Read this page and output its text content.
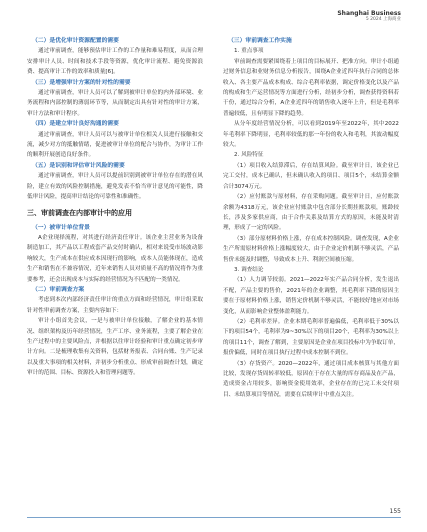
Shanghai Business
5 2024 上海商业
（二）是优化审计资源配置的需要

通过审前调查，能够预估审计工作的工作量和难易程度，从而合理安排审计人员、时间和技术手段等资源，优化审计流程、避免资源浪费、提高审计工作的效率和质量[6]。

（三）是增强审计方案的针对性的需要

通过审前调查，审计人员可以了解到被审计单位的内外部环境、业务流程和内部控制的薄弱环节等，从而制定出具有针对性的审计方案，审计方法和审计程序。

（四）是建立审计良好沟通的需要

通过审前调查，审计人员可以与被审计单位相关人员进行接触和交流，减少对方的抵触情绪，促进被审计单位的配合与协作，为审计工作的顺利开展创造良好条件。

（五）是识别和评估审计风险的需要

通过审前调查，审计人员可以提前识别到被审计单位存在的潜在风险，建立有效的风险控制措施，避免发表不恰当审计意见的可能性，降低审计风险，提高审计结论的可靠性和准确性。

三、审前调查在内部审计中的应用
（一）被审计单位背景

A企业现择流程，对其进行经济责任审计。该企业主营业务为设备制造加工，其产品以工程成套产品交付时确认，相对来说受市场波动影响较大，生产成本在供应成本因现行的影响，成本人员能体现在，造成生产和销售在不兼容情况，近年来销售人员对质量不高的情况将作为重要参考，还会出现成本与实际的经营情况为不匹配的一类情况。

（二）审前调查方案

考虑到本次内部经济责任审计的重点方面和经营情况，审计组采取针对性审前调查方案，主要内容如下：

审计小组首先会议，一是与被审计单位接触，了解企业的基本情况、组织架构及历年经营情况，生产工序、业务流程，主要了解企业在生产过程中的主要风险点，并根据以往审计经验和审计重点确定初步审计方向。二是梳理收集有关资料，包括财务报表、合同台账、生产记录以及重大事项的相关材料，并初步分析重点、形成审前调查计划，确定审计的范围、目标、资源投入和管理问题等。

（三）审前调查工作实施
1. 重点事项

审前调查需要紧围绕着上项目的目标展开、把准方向。审计小组通过财务信息和业财务信息分析报告，围绕A企业近四年执行合同的总体收入、各主要产品成本构成、综合毛利率依据，调定价格变化以及产品的构成和生产运营情况等方面进行分析，经初步分析，调查获得资料若干份，通过综合分析，A企业近四年的销售收入逐年上升，但是毛利率普遍较低，且有明显下降的趋势。

从分年度经营情况分析，可以看到2019年至2022年，其中2022年毛利率下降明显，毛利率较低的那一年份的收入和毛利，其波动幅度较大。

2. 风险特征

（1）项目收入结算滞后，存在结算风险。截至审计日，该企业已完工交付，成本已确认，但未确认收入的项目、项目5个，未结算金额合计3074万元。

（2）应付账款与原材料，存在采购问题。截至审计日，应付账款余额为4318万元，该企业应付账款中包含部分长期挂账款项，账龄较长，涉及多家供应商，由于合作关系及结算方式的原因，未能及时清理，形成了一定的风险。

（3）部分原材料价格上涨，存在成本控制风险。调查发现，A企业生产所需原材料价格上涨幅度较大，由于企业定价机制不够灵活，产品售价未能及时调整，导致成本上升、利润空间被压缩。

3. 调查结论

（1）人力调节较弱。2021—2022年实产品合同分析，发生退出不配，产品主要的售价，2021年的企业调整，其毛利率下降的原因主要在于原材料价格上涨，销售定价机制不够灵活，不能较好地应对市场变化，从而影响企业整体盈利能力。

（2）毛利率差异。企业本期毛利率普遍偏低，毛利率低于30%以下的项目54个，毛利率为9~30%以下的项目20个，毛利率为30%以上的项目11个，调查了解到，主要原因是企业在项目投标中为争取订单，报价偏低，同时在项目执行过程中成本控制不到位。

（3）存货资产。2020—2022年，通过项目成本核算与其他方面比较，发现存货周转率较低，原因在于存在大量的库存商品及在产品，造成资金占用较多，影响资金使用效率，企业存在的已完工未交付项目、未结算项目等情况，需要在后续审计中重点关注。

155
